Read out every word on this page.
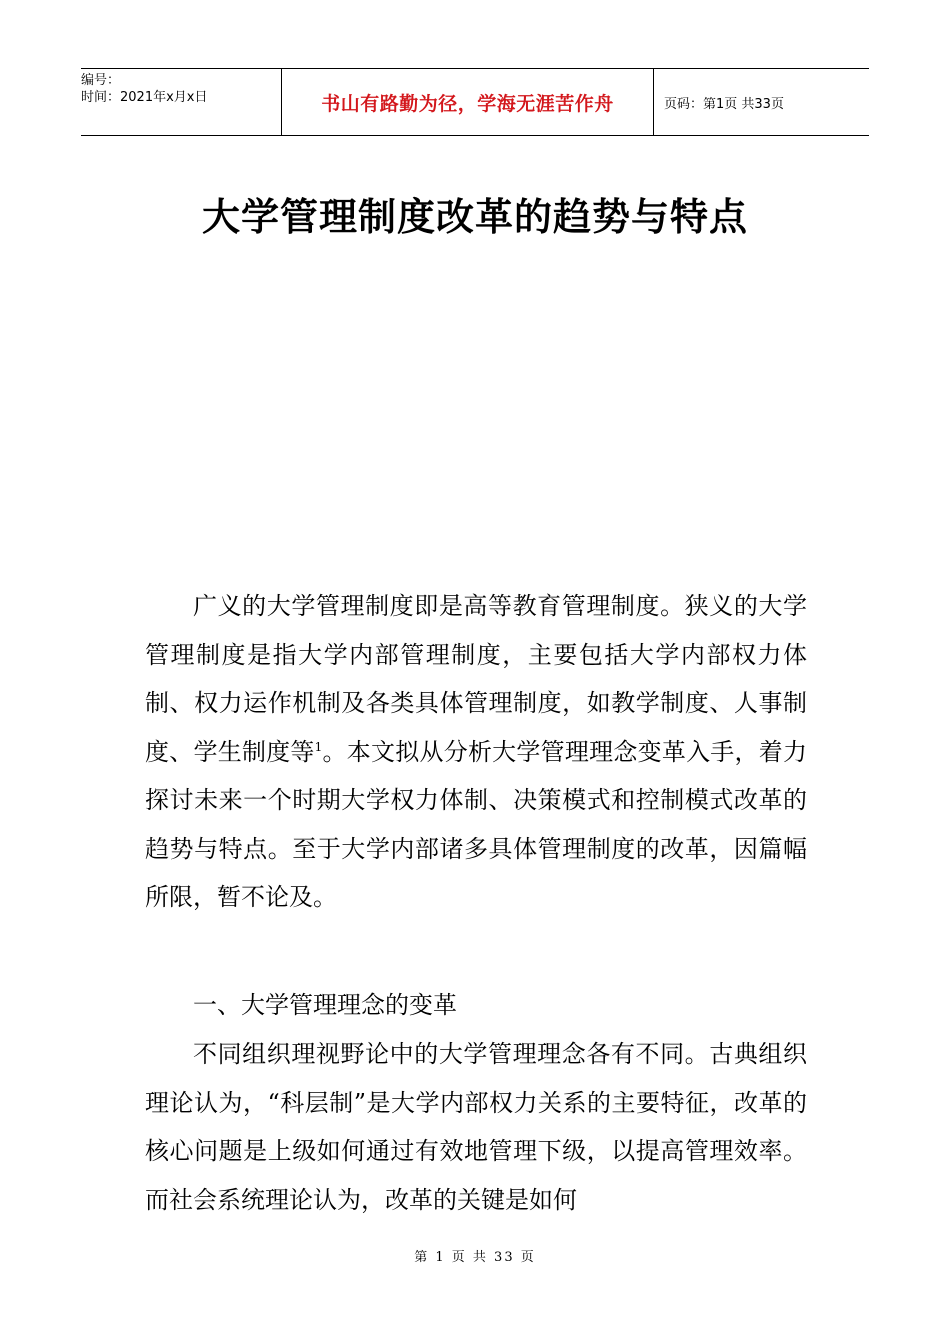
编号：
时间：2021年x月x日	书山有路勤为径，学海无涯苦作舟	页码：第1页 共33页
大学管理制度改革的趋势与特点

广义的大学管理制度即是高等教育管理制度。狭义的大学管理制度是指大学内部管理制度，主要包括大学内部权力体制、权力运作机制及各类具体管理制度，如教学制度、人事制度、学生制度等$^1$。本文拟从分析大学管理理念变革入手，着力探讨未来一个时期大学权力体制、决策模式和控制模式改革的趋势与特点。至于大学内部诸多具体管理制度的改革，因篇幅所限，暂不论及。

一、大学管理理念的变革

不同组织理视野论中的大学管理理念各有不同。古典组织理论认为，“科层制”是大学内部权力关系的主要特征，改革的核心问题是上级如何通过有效地管理下级，以提高管理效率。而社会系统理论认为，改革的关键是如何

第 1 页 共 33 页
